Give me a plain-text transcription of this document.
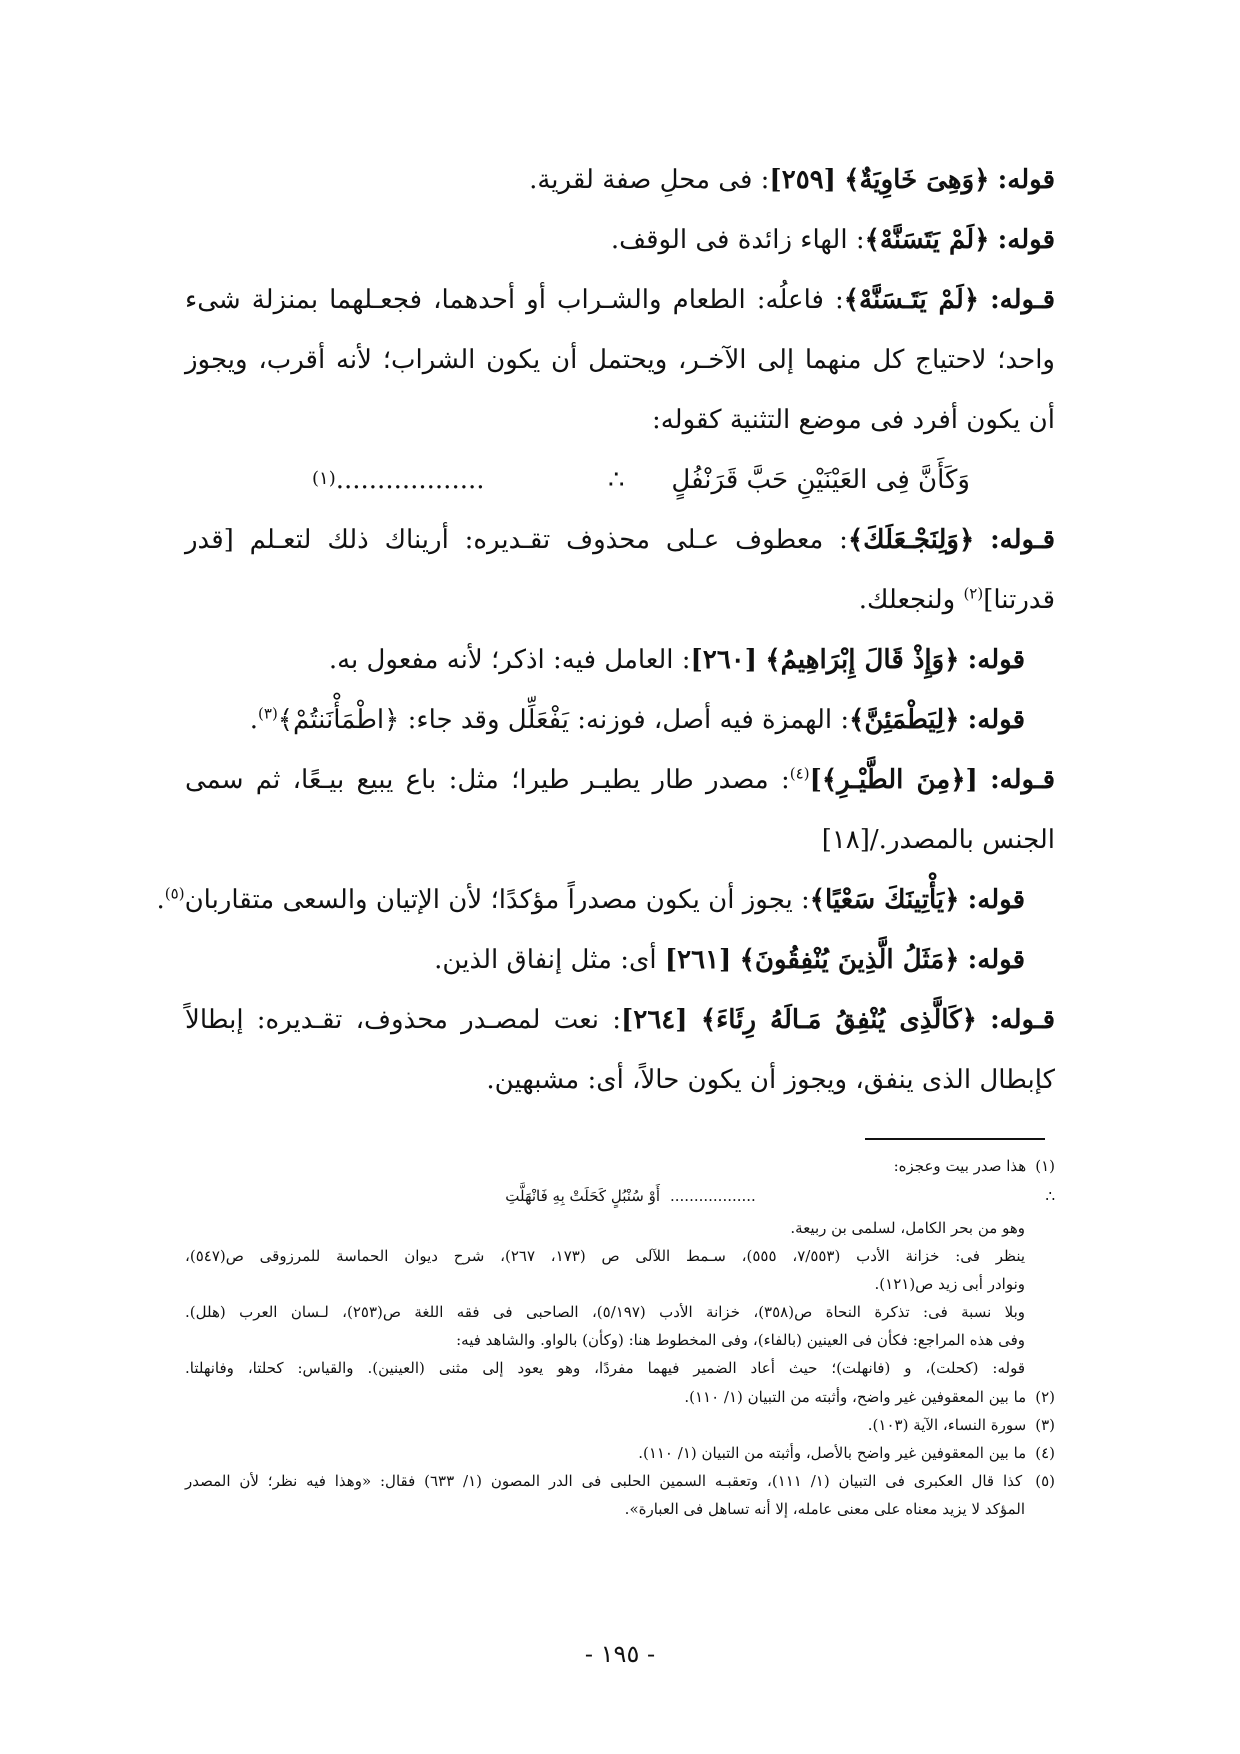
قوله: ﴿وَهِىَ خَاوِيَةٌ﴾ [٢٥٩]: فى محلِ صفة لقرية.
قوله: ﴿لَمْ يَتَسَنَّهْ﴾: الهاء زائدة فى الوقف.
قـوله: ﴿لَمْ يَتَـسَنَّهْ﴾: فاعلُه: الطعام والشـراب أو أحدهما، فجعـلهما بمنزلة شىء
واحد؛ لاحتياج كل منهما إلى الآخـر، ويحتمل أن يكون الشراب؛ لأنه أقرب، ويجوز
أن يكون أفرد فى موضع التثنية كقوله:
وَكَأَنَّ فِى العَيْنَيْنِ حَبَّ قَرَنْفُلٍ
∴
$^{(١)}$..................
قـوله: ﴿وَلِنَجْـعَلَكَ﴾: معطوف عـلى محذوف تقـديره: أريناك ذلك لتعـلم [قدر
قدرتنا]$^{(٢)}$ ولنجعلك.
قوله: ﴿وَإِذْ قَالَ إِبْرَاهِيمُ﴾ [٢٦٠]: العامل فيه: اذكر؛ لأنه مفعول به.
قوله: ﴿لِيَطْمَئِنَّ﴾: الهمزة فيه أصل، فوزنه: يَفْعَلِّل وقد جاء: ﴿اطْمَأْنَنتُمْ﴾$^{(٣)}$.
قـوله: [﴿مِنَ الطَّيْـرِ﴾]$^{(٤)}$: مصدر طار يطيـر طيرا؛ مثل: باع يبيع بيـعًا، ثم سمى
الجنس بالمصدر./[١٨]
قوله: ﴿يَأْتِينَكَ سَعْيًا﴾: يجوز أن يكون مصدراً مؤكدًا؛ لأن الإتيان والسعى متقاربان$^{(٥)}$.
قوله: ﴿مَثَلُ الَّذِينَ يُنْفِقُونَ﴾ [٢٦١] أى: مثل إنفاق الذين.
قـوله: ﴿كَالَّذِى يُنْفِقُ مَـالَهُ رِئَاءَ﴾ [٢٦٤]: نعت لمصـدر محذوف، تقـديره: إبطالاً
كإبطال الذى ينفق، ويجوز أن يكون حالاً، أى: مشبهين.
(١) هذا صدر بيت وعجزه:
أَوْ سُنْبُلٍ كَحَلَتْ بِهِ فَانْهَلَّتِ	∴
..................
وهو من بحر الكامل، لسلمى بن ربيعة.
ينظر فى: خزانة الأدب (٧/٥٥٣، ٥٥٥)، سـمط اللآلى ص (١٧٣، ٢٦٧)، شرح ديوان الحماسة للمرزوقى ص(٥٤٧)،
ونوادر أبى زيد ص(١٢١).
وبلا نسبة فى: تذكرة النحاة ص(٣٥٨)، خزانة الأدب (٥/١٩٧)، الصاحبى فى فقه اللغة ص(٢٥٣)، لـسان العرب (هلل).
وفى هذه المراجع: فكأن فى العينين (بالفاء)، وفى المخطوط هنا: (وكأن) بالواو. والشاهد فيه:
قوله: (كحلت)، و (فانهلت)؛ حيث أعاد الضمير فيهما مفردًا، وهو يعود إلى مثنى (العينين). والقياس: كحلتا، وفانهلتا.
(٢) ما بين المعقوفين غير واضح، وأثبته من التبيان (١/ ١١٠).
(٣) سورة النساء، الآية (١٠٣).
(٤) ما بين المعقوفين غير واضح بالأصل، وأثبته من التبيان (١/ ١١٠).
(٥) كذا قال العكبرى فى التبيان (١/ ١١١)، وتعقبـه السمين الحلبى فى الدر المصون (١/ ٦٣٣) فقال: «وهذا فيه نظر؛ لأن المصدر
المؤكد لا يزيد معناه على معنى عامله، إلا أنه تساهل فى العبارة».
- ١٩٥ -
